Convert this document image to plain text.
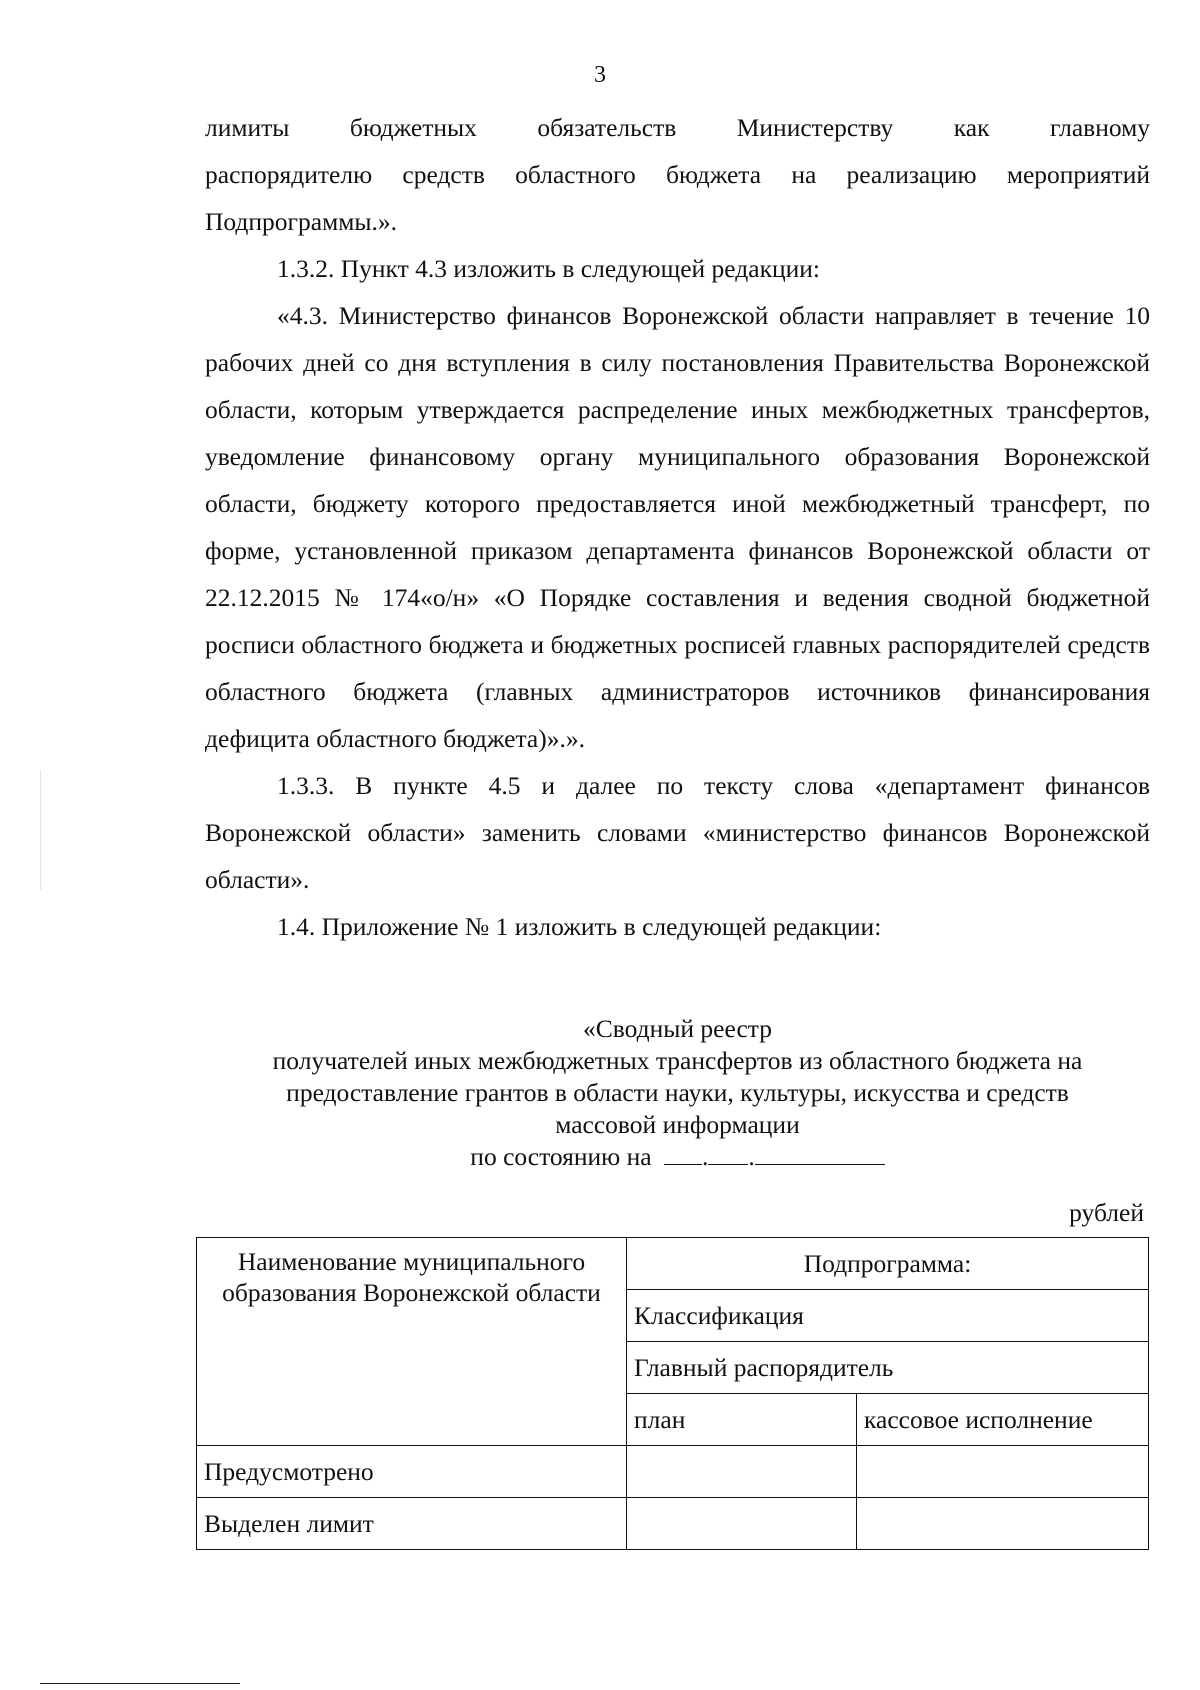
3

лимиты бюджетных обязательств Министерству как главному

распорядителю средств областного бюджета на реализацию мероприятий Подпрограммы.».

1.3.2. Пункт 4.3 изложить в следующей редакции:

«4.3. Министерство финансов Воронежской области направляет в течение 10 рабочих дней со дня вступления в силу постановления Правительства Воронежской области, которым утверждается распределение иных межбюджетных трансфертов, уведомление финансовому органу муниципального образования Воронежской области, бюджету которого предоставляется иной межбюджетный трансферт, по форме, установленной приказом департамента финансов Воронежской области от 22.12.2015 № 174«о/н» «О Порядке составления и ведения сводной бюджетной росписи областного бюджета и бюджетных росписей главных распорядителей средств областного бюджета (главных администраторов источников финансирования дефицита областного бюджета)».».

1.3.3. В пункте 4.5 и далее по тексту слова «департамент финансов Воронежской области» заменить словами «министерство финансов Воронежской области».

1.4. Приложение № 1 изложить в следующей редакции:

«Сводный реестр
получателей иных межбюджетных трансфертов из областного бюджета на предоставление грантов в области науки, культуры, искусства и средств массовой информации
по состоянию на . .
рублей
Наименование муниципального образования Воронежской области	Подпрограмма:	
	Классификация	
	Главный распорядитель	
	план	кассовое исполнение
Предусмотрено		
Выделен лимит		
